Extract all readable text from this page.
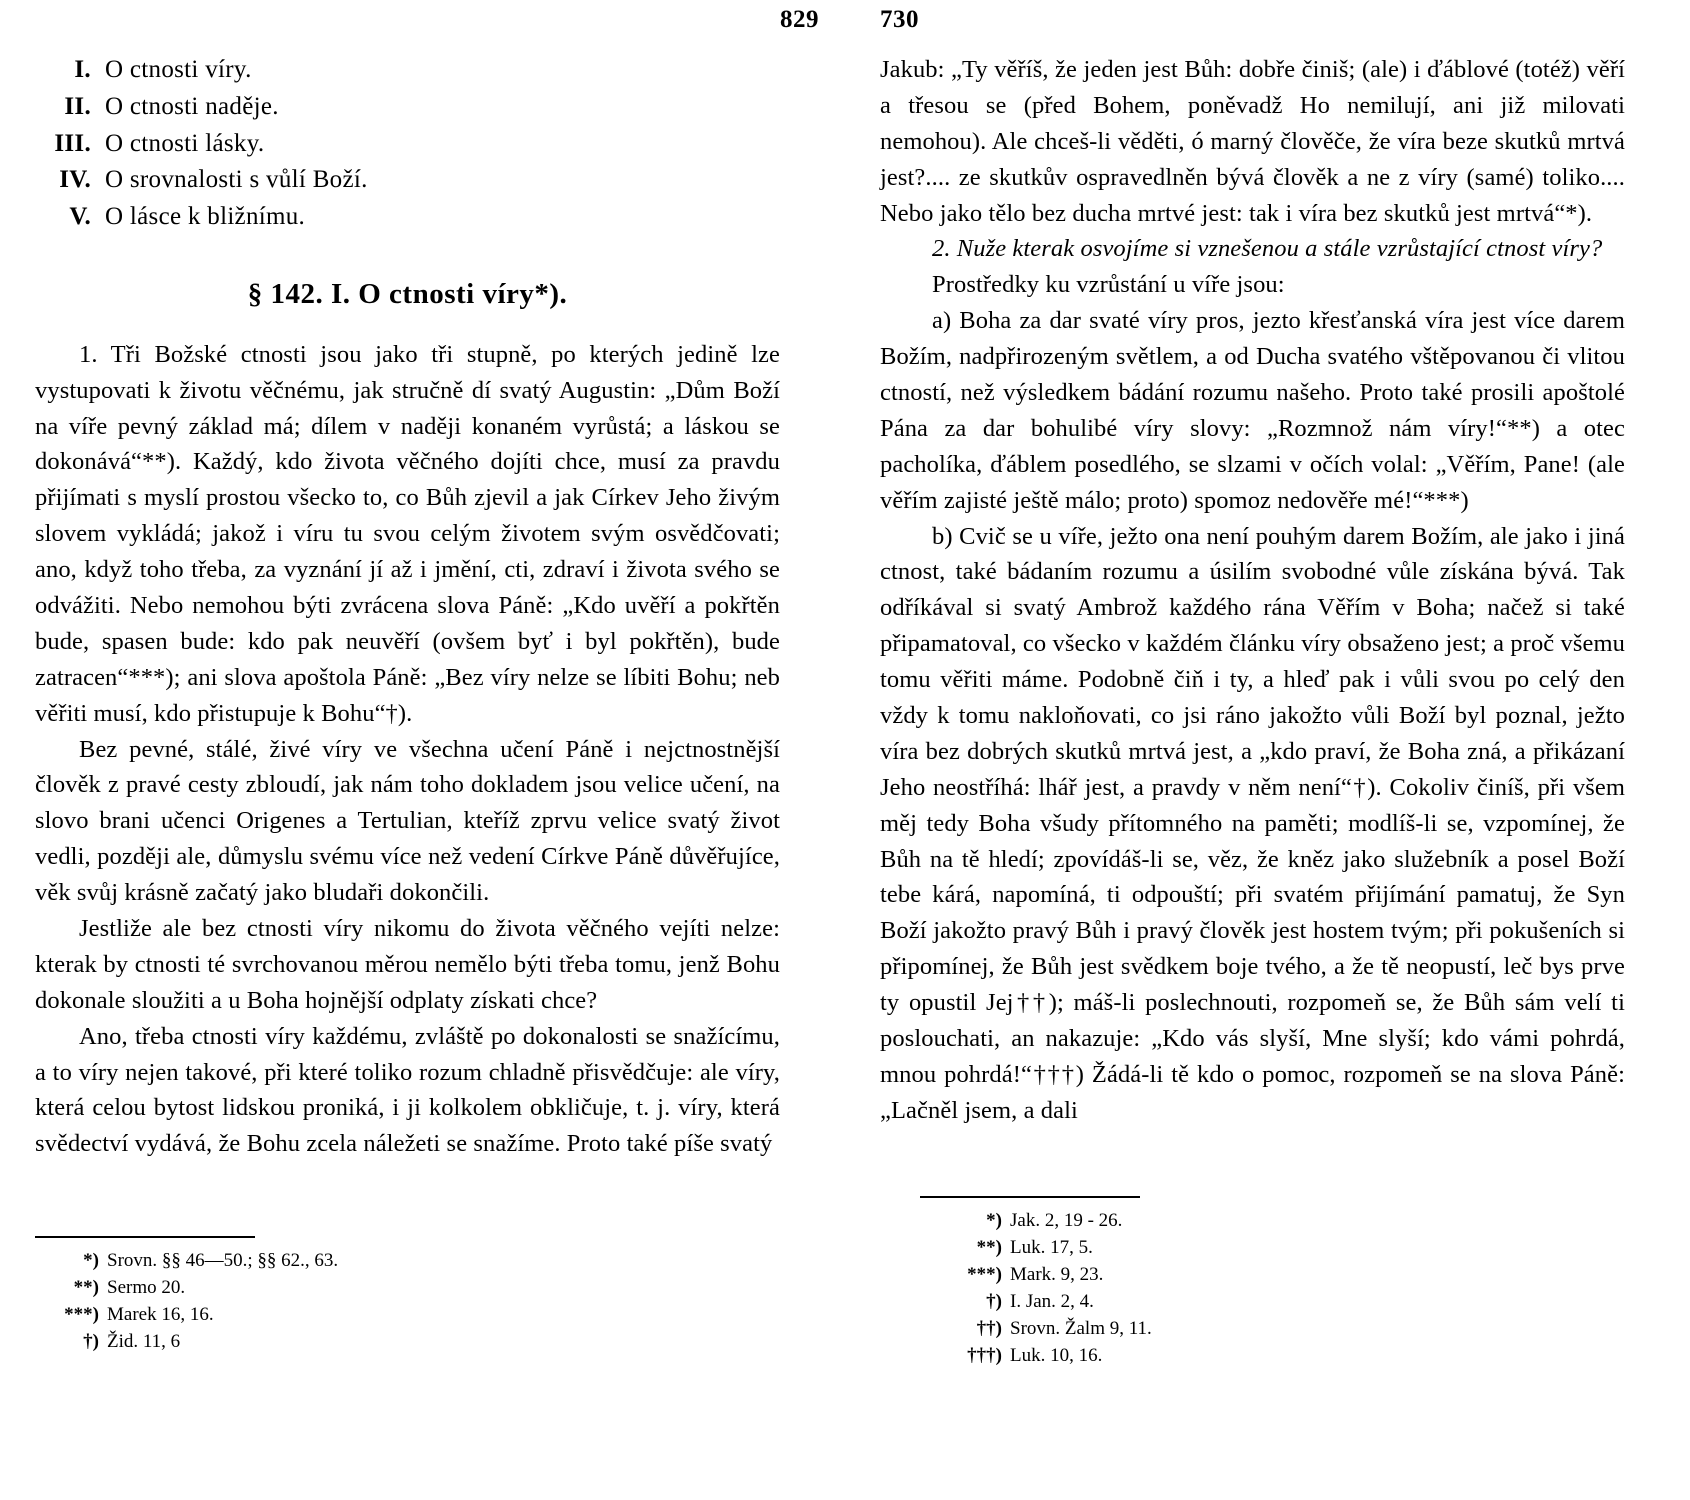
829 730
I. O ctnosti víry.
II. O ctnosti naděje.
III. O ctnosti lásky.
IV. O srovnalosti s vůlí Boží.
V. O lásce k bližnímu.
§ 142. I. O ctnosti víry*).

1. Tři Božské ctnosti jsou jako tři stupně, po kterých jedině lze vystupovati k životu věčnému, jak stručně dí svatý Augustin: „Dům Boží na víře pevný základ má; dílem v naději konaném vyrůstá; a láskou se dokonává“**). Každý, kdo života věčného dojíti chce, musí za pravdu přijímati s myslí prostou všecko to, co Bůh zjevil a jak Církev Jeho živým slovem vykládá; jakož i víru tu svou celým životem svým osvědčovati; ano, když toho třeba, za vyznání jí až i jmění, cti, zdraví i života svého se odvážiti. Nebo nemohou býti zvrácena slova Páně: „Kdo uvěří a pokřtěn bude, spasen bude: kdo pak neuvěří (ovšem byť i byl pokřtěn), bude zatracen“***); ani slova apoštola Páně: „Bez víry nelze se líbiti Bohu; neb věřiti musí, kdo přistupuje k Bohu“†).

Bez pevné, stálé, živé víry ve všechna učení Páně i nejctnostnější člověk z pravé cesty zbloudí, jak nám toho dokladem jsou velice učení, na slovo brani učenci Origenes a Tertulian, kteříž zprvu velice svatý život vedli, později ale, důmyslu svému více než vedení Církve Páně důvěřujíce, věk svůj krásně začatý jako bludaři dokončili.

Jestliže ale bez ctnosti víry nikomu do života věčného vejíti nelze: kterak by ctnosti té svrchovanou měrou nemělo býti třeba tomu, jenž Bohu dokonale sloužiti a u Boha hojnější odplaty získati chce?

Ano, třeba ctnosti víry každému, zvláště po dokonalosti se snažícímu, a to víry nejen takové, při které toliko rozum chladně přisvědčuje: ale víry, která celou bytost lidskou proniká, i ji kolkolem obkličuje, t. j. víry, která svědectví vydává, že Bohu zcela náležeti se snažíme. Proto také píše svatý

Jakub: „Ty věříš, že jeden jest Bůh: dobře činiš; (ale) i ďáblové (totéž) věří a třesou se (před Bohem, poněvadž Ho nemilují, ani již milovati nemohou). Ale chceš-li věděti, ó marný člověče, že víra beze skutků mrtvá jest?.... ze skutkův ospravedlněn bývá člověk a ne z víry (samé) toliko.... Nebo jako tělo bez ducha mrtvé jest: tak i víra bez skutků jest mrtvá“*).

2. Nuže kterak osvojíme si vznešenou a stále vzrůstající ctnost víry?

Prostředky ku vzrůstání u víře jsou:

a) Boha za dar svaté víry pros, jezto křesťanská víra jest více darem Božím, nadpřirozeným světlem, a od Ducha svatého vštěpovanou či vlitou ctností, než výsledkem bádání rozumu našeho. Proto také prosili apoštolé Pána za dar bohulibé víry slovy: „Rozmnož nám víry!“**) a otec pacholíka, ďáblem posedlého, se slzami v očích volal: „Věřím, Pane! (ale věřím zajisté ještě málo; proto) spomoz nedověře mé!“***)

b) Cvič se u víře, ježto ona není pouhým darem Božím, ale jako i jiná ctnost, také bádaním rozumu a úsilím svobodné vůle získána bývá. Tak odříkával si svatý Ambrož každého rána Věřím v Boha; načež si také připamatoval, co všecko v každém článku víry obsaženo jest; a proč všemu tomu věřiti máme. Podobně čiň i ty, a hleď pak i vůli svou po celý den vždy k tomu nakloňovati, co jsi ráno jakožto vůli Boží byl poznal, ježto víra bez dobrých skutků mrtvá jest, a „kdo praví, že Boha zná, a přikázaní Jeho neostříhá: lhář jest, a pravdy v něm není“†). Cokoliv činíš, při všem měj tedy Boha všudy přítomného na paměti; modlíš-li se, vzpomínej, že Bůh na tě hledí; zpovídáš-li se, věz, že kněz jako služebník a posel Boží tebe kárá, napomíná, ti odpouští; při svatém přijímání pamatuj, že Syn Boží jakožto pravý Bůh i pravý člověk jest hostem tvým; při pokušeních si připomínej, že Bůh jest svědkem boje tvého, a že tě neopustí, leč bys prve ty opustil Jej††); máš-li poslechnouti, rozpomeň se, že Bůh sám velí ti poslouchati, an nakazuje: „Kdo vás slyší, Mne slyší; kdo vámi pohrdá, mnou pohrdá!“†††) Žádá-li tě kdo o pomoc, rozpomeň se na slova Páně: „Lačněl jsem, a dali

*) Srovn. §§ 46—50.; §§ 62., 63.
**) Sermo 20.
***) Marek 16, 16.
†) Žid. 11, 6
*) Jak. 2, 19 - 26.
**) Luk. 17, 5.
***) Mark. 9, 23.
†) I. Jan. 2, 4.
††) Srovn. Žalm 9, 11.
†††) Luk. 10, 16.
